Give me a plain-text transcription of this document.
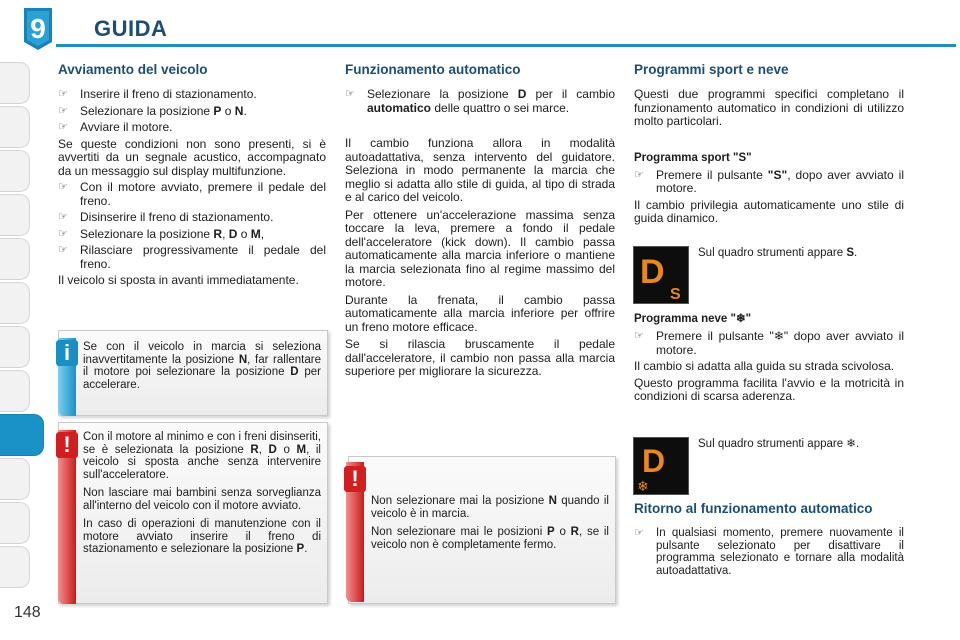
9 GUIDA
Avviamento del veicolo
☞	Inserire il freno di stazionamento.
☞	Selezionare la posizione P o N.
☞	Avviare il motore.

Se queste condizioni non sono presenti, si è avvertiti da un segnale acustico, accompagnato da un messaggio sul display multifunzione.

☞	Con il motore avviato, premere il pedale del freno.
☞	Disinserire il freno di stazionamento.
☞	Selezionare la posizione R, D o M,
☞	Rilasciare progressivamente il pedale del freno.

Il veicolo si sposta in avanti immediatamente.

Se con il veicolo in marcia si seleziona inavvertitamente la posizione N, far rallentare il motore poi selezionare la posizione D per accelerare.

i

Con il motore al minimo e con i freni disinseriti, se è selezionata la posizione R, D o M, il veicolo si sposta anche senza intervenire sull'acceleratore.

Non lasciare mai bambini senza sorveglianza all'interno del veicolo con il motore avviato.

In caso di operazioni di manutenzione con il motore avviato inserire il freno di stazionamento e selezionare la posizione P.

!
Funzionamento automatico
☞	Selezionare la posizione D per il cambio automatico delle quattro o sei marce.

Il cambio funziona allora in modalità autoadattativa, senza intervento del guidatore. Seleziona in modo permanente la marcia che meglio si adatta allo stile di guida, al tipo di strada e al carico del veicolo.

Per ottenere un'accelerazione massima senza toccare la leva, premere a fondo il pedale dell'acceleratore (kick down). Il cambio passa automaticamente alla marcia inferiore o mantiene la marcia selezionata fino al regime massimo del motore.

Durante la frenata, il cambio passa automaticamente alla marcia inferiore per offrire un freno motore efficace.

Se si rilascia bruscamente il pedale dall'acceleratore, il cambio non passa alla marcia superiore per migliorare la sicurezza.

Non selezionare mai la posizione N quando il veicolo è in marcia.

Non selezionare mai le posizioni P o R, se il veicolo non è completamente fermo.

!
Programmi sport e neve

Questi due programmi specifici completano il funzionamento automatico in condizioni di utilizzo molto particolari.

Programma sport "S"
☞	Premere il pulsante "S", dopo aver avviato il motore.

Il cambio privilegia automaticamente uno stile di guida dinamico.

D
S
Sul quadro strumenti appare S.
Programma neve "❄"
☞	Premere il pulsante "❄" dopo aver avviato il motore.

Il cambio si adatta alla guida su strada scivolosa.

Questo programma facilita l'avvio e la motricità in condizioni di scarsa aderenza.

D
❄
Sul quadro strumenti appare ❄.
Ritorno al funzionamento automatico
☞	In qualsiasi momento, premere nuovamente il pulsante selezionato per disattivare il programma selezionato e tornare alla modalità autoadattativa.
148
